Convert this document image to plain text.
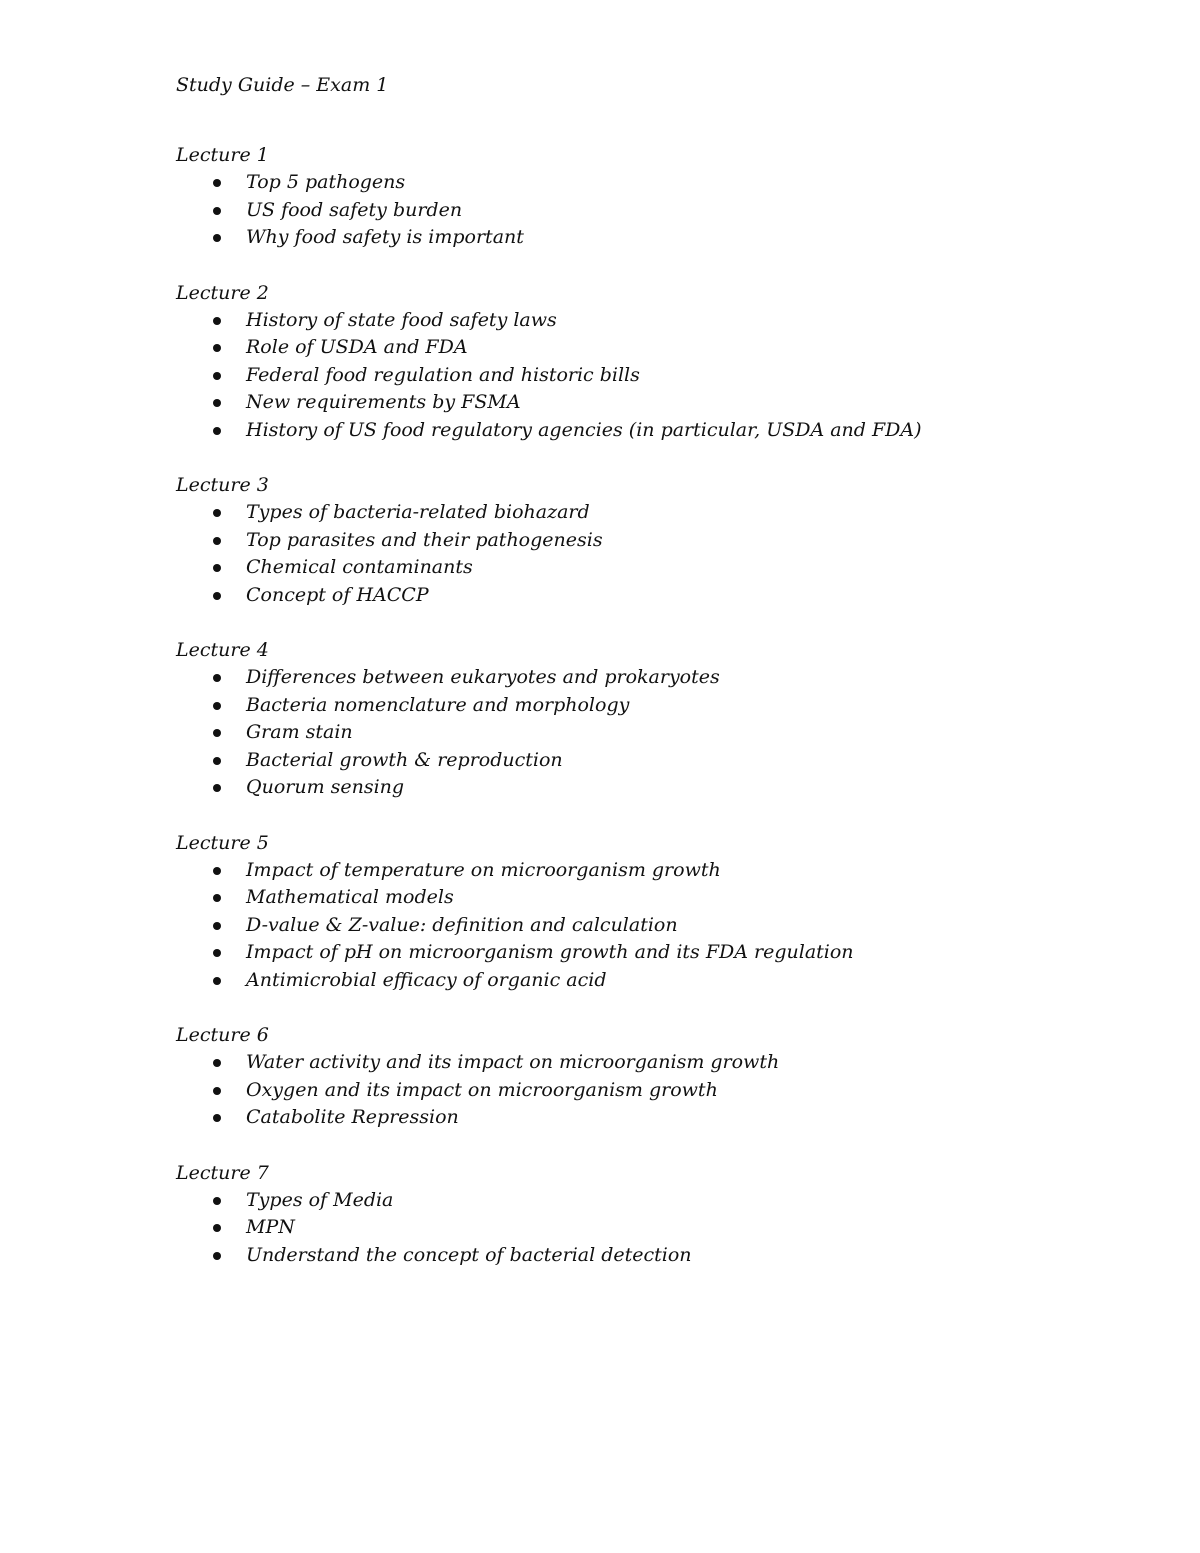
Study Guide – Exam 1
Lecture 1
Top 5 pathogens
US food safety burden
Why food safety is important
Lecture 2
History of state food safety laws
Role of USDA and FDA
Federal food regulation and historic bills
New requirements by FSMA
History of US food regulatory agencies (in particular, USDA and FDA)
Lecture 3
Types of bacteria-related biohazard
Top parasites and their pathogenesis
Chemical contaminants
Concept of HACCP
Lecture 4
Differences between eukaryotes and prokaryotes
Bacteria nomenclature and morphology
Gram stain
Bacterial growth & reproduction
Quorum sensing
Lecture 5
Impact of temperature on microorganism growth
Mathematical models
D-value & Z-value: definition and calculation
Impact of pH on microorganism growth and its FDA regulation
Antimicrobial efficacy of organic acid
Lecture 6
Water activity and its impact on microorganism growth
Oxygen and its impact on microorganism growth
Catabolite Repression
Lecture 7
Types of Media
MPN
Understand the concept of bacterial detection
